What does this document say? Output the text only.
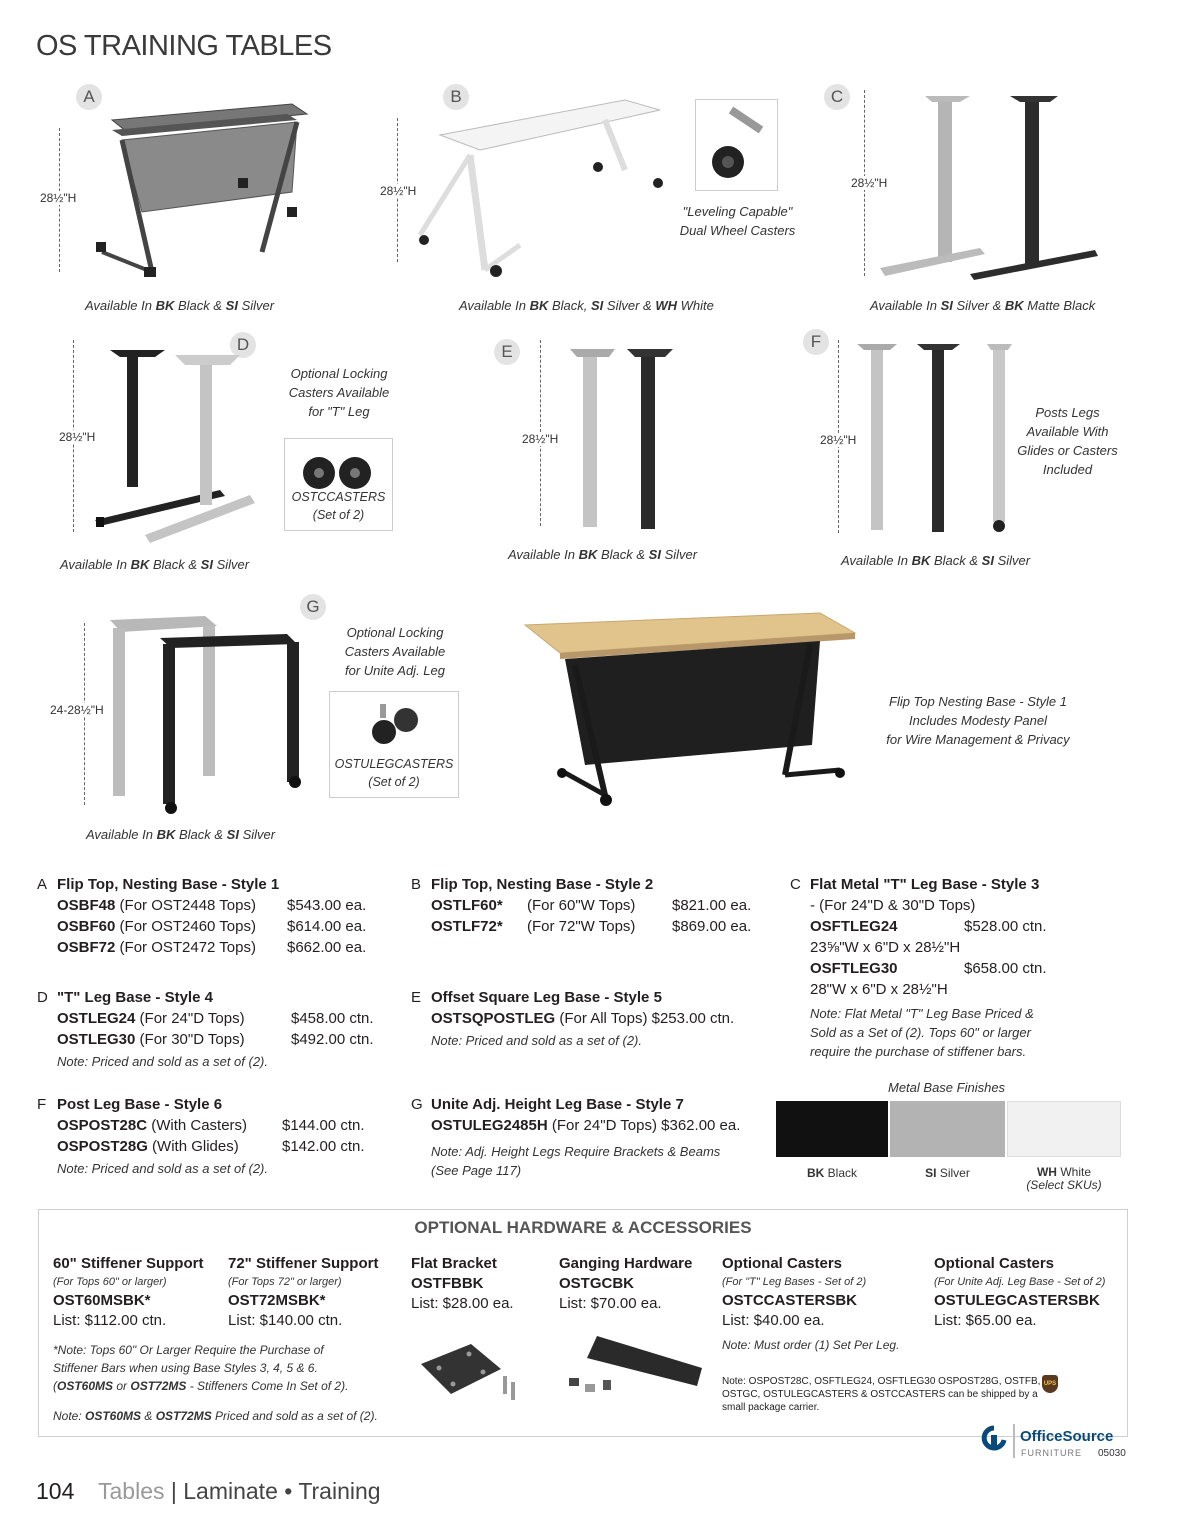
OS TRAINING TABLES
A
28½"H
Available In BK Black & SI Silver
B
28½"H
"Leveling Capable"
Dual Wheel Casters
Available In BK Black, SI Silver & WH White
C
28½"H
Available In SI Silver & BK Matte Black
D
28½"H
Optional Locking
Casters Available
for "T" Leg
OSTCCASTERS
(Set of 2)
Available In BK Black & SI Silver
E
28½"H
Available In BK Black & SI Silver
F
28½"H
Posts Legs
Available With
Glides or Casters
Included
Available In BK Black & SI Silver
G
24-28½"H
Optional Locking
Casters Available
for Unite Adj. Leg
OSTULEGCASTERS
(Set of 2)
Available In BK Black & SI Silver
Flip Top Nesting Base - Style 1
Includes Modesty Panel
for Wire Management & Privacy
A Flip Top, Nesting Base - Style 1
OSBF48 (For OST2448 Tops) $543.00 ea.
OSBF60 (For OST2460 Tops) $614.00 ea.
OSBF72 (For OST2472 Tops) $662.00 ea.
B Flip Top, Nesting Base - Style 2
OSTLF60* (For 60"W Tops) $821.00 ea.
OSTLF72* (For 72"W Tops) $869.00 ea.
C Flat Metal "T" Leg Base - Style 3
- (For 24"D & 30"D Tops)
OSFTLEG24	$528.00 ctn.
23⅝"W x 6"D x 28½"H
OSFTLEG30	$658.00 ctn.
28"W x 6"D x 28½"H
Note: Flat Metal "T" Leg Base Priced &
Sold as a Set of (2). Tops 60" or larger
require the purchase of stiffener bars.
D "T" Leg Base - Style 4
OSTLEG24 (For 24"D Tops)	$458.00 ctn.
OSTLEG30 (For 30"D Tops)	$492.00 ctn.
Note: Priced and sold as a set of (2).
E Offset Square Leg Base - Style 5
OSTSQPOSTLEG (For All Tops) $253.00 ctn.
Note: Priced and sold as a set of (2).
F Post Leg Base - Style 6
OSPOST28C (With Casters) $144.00 ctn.
OSPOST28G (With Glides)	$142.00 ctn.
Note: Priced and sold as a set of (2).
G Unite Adj. Height Leg Base - Style 7
OSTULEG2485H (For 24"D Tops) $362.00 ea.
Note: Adj. Height Legs Require Brackets & Beams
(See Page 117)
Metal Base Finishes
BK Black	SI Silver	WH White
(Select SKUs)
OPTIONAL HARDWARE & ACCESSORIES
60" Stiffener Support
(For Tops 60" or larger)
OST60MSBK*
List: $112.00 ctn.
72" Stiffener Support
(For Tops 72" or larger)
OST72MSBK*
List: $140.00 ctn.
Flat Bracket
OSTFBBK
List: $28.00 ea.
Ganging Hardware
OSTGCBK
List: $70.00 ea.
Optional Casters
(For "T" Leg Bases - Set of 2)
OSTCCASTERSBK
List: $40.00 ea.
Note: Must order (1) Set Per Leg.
Optional Casters
(For Unite Adj. Leg Base - Set of 2)
OSTULEGCASTERSBK
List: $65.00 ea.
*Note: Tops 60" Or Larger Require the Purchase of
Stiffener Bars when using Base Styles 3, 4, 5 & 6.
(OST60MS or OST72MS - Stiffeners Come In Set of 2).
Note: OST60MS & OST72MS Priced and sold as a set of (2).
Note: OSPOST28C, OSFTLEG24, OSFTLEG30 OSPOST28G, OSTFB,
OSTGC, OSTULEGCASTERS & OSTCCASTERS can be shipped by a
small package carrier.
UPS
104 Tables | Laminate • Training
OfficeSource
FURNITURE 05030
